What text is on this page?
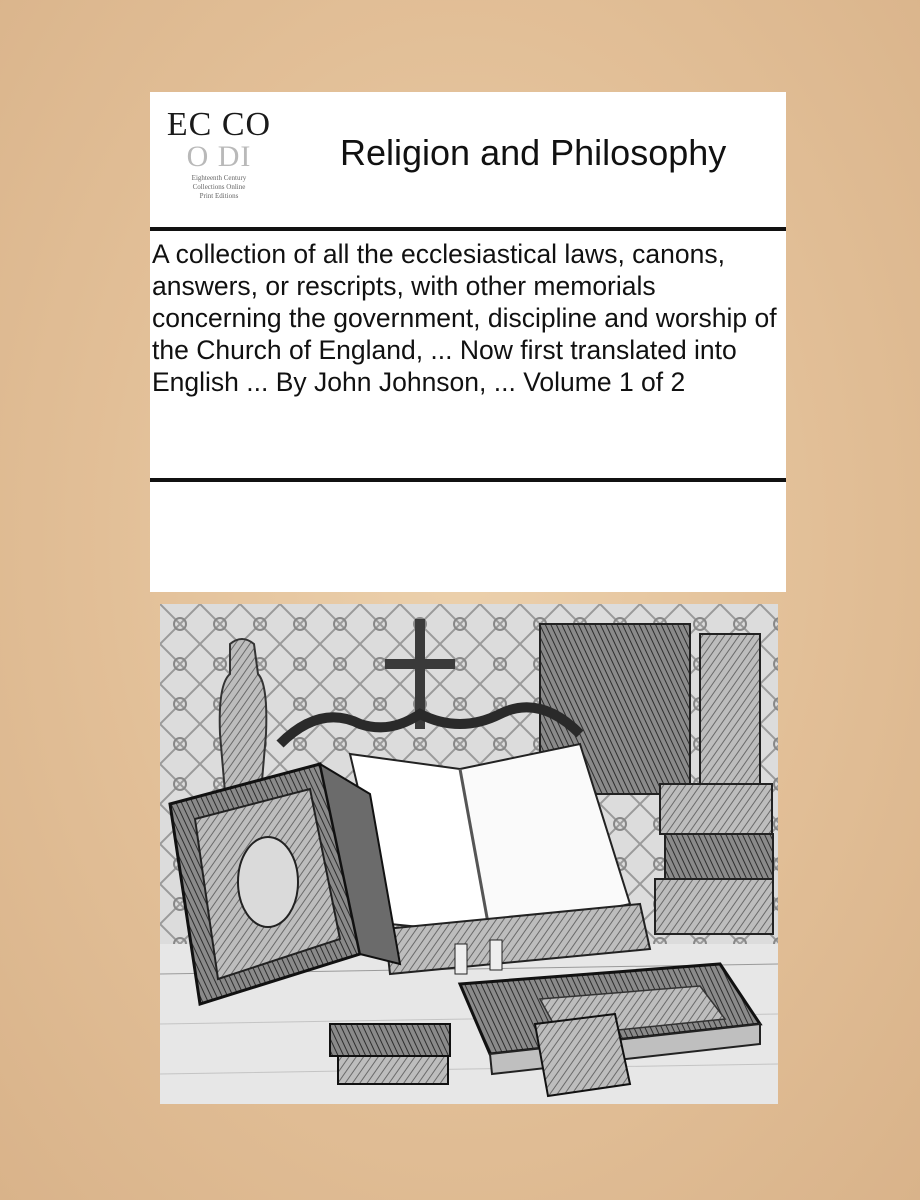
EC CO
O DI
Eighteenth Century
Collections Online
Print Editions
Religion and Philosophy
A collection of all the ecclesiastical laws, canons, answers, or rescripts, with other memorials concerning the government, discipline and worship of the Church of England, ... Now first translated into English ... By John Johnson, ... Volume 1 of 2
